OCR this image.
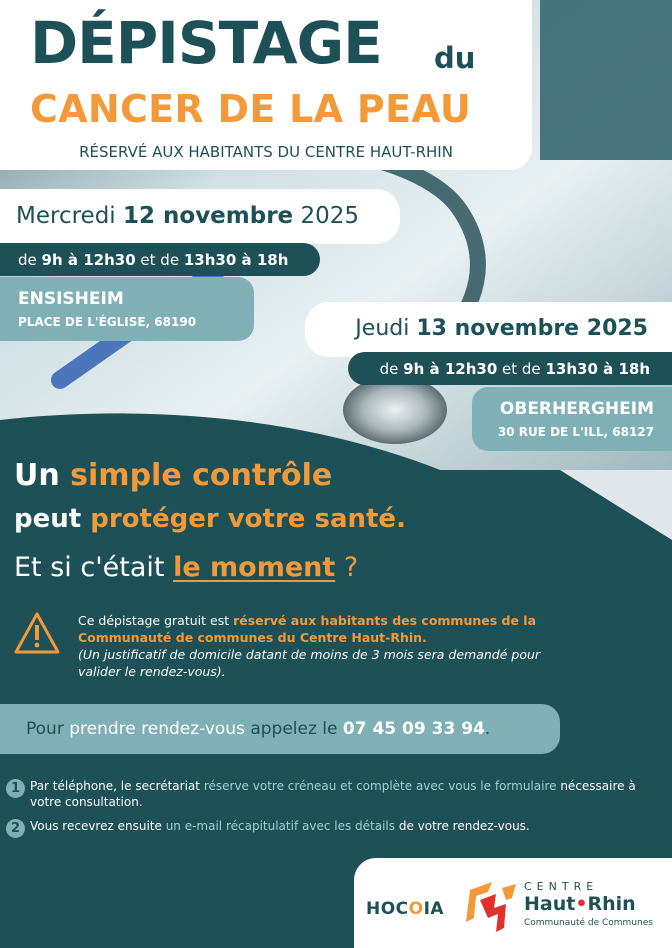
DÉPISTAGE du
CANCER DE LA PEAU
RÉSERVÉ AUX HABITANTS DU CENTRE HAUT-RHIN
Mercredi 12 novembre 2025
de 9h à 12h30 et de 13h30 à 18h
ENSISHEIM
PLACE DE L'ÉGLISE, 68190	Jeudi 13 novembre 2025
de 9h à 12h30 et de 13h30 à 18h
OBERHERGHEIM
30 RUE DE L'ILL, 68127
Un simple contrôle
peut protéger votre santé.
Et si c'était le moment ?
Ce dépistage gratuit est réservé aux habitants des communes de la Communauté de communes du Centre Haut-Rhin.
(Un justificatif de domicile datant de moins de 3 mois sera demandé pour valider le rendez-vous).
Pour prendre rendez-vous appelez le 07 45 09 33 94.
1 Par téléphone, le secrétariat réserve votre créneau et complète avec vous le formulaire nécessaire à votre consultation.
2 Vous recevrez ensuite un e-mail récapitulatif avec les détails de votre rendez-vous.
HOCOIA
CENTRE
Haut•Rhin
Communauté de Communes
